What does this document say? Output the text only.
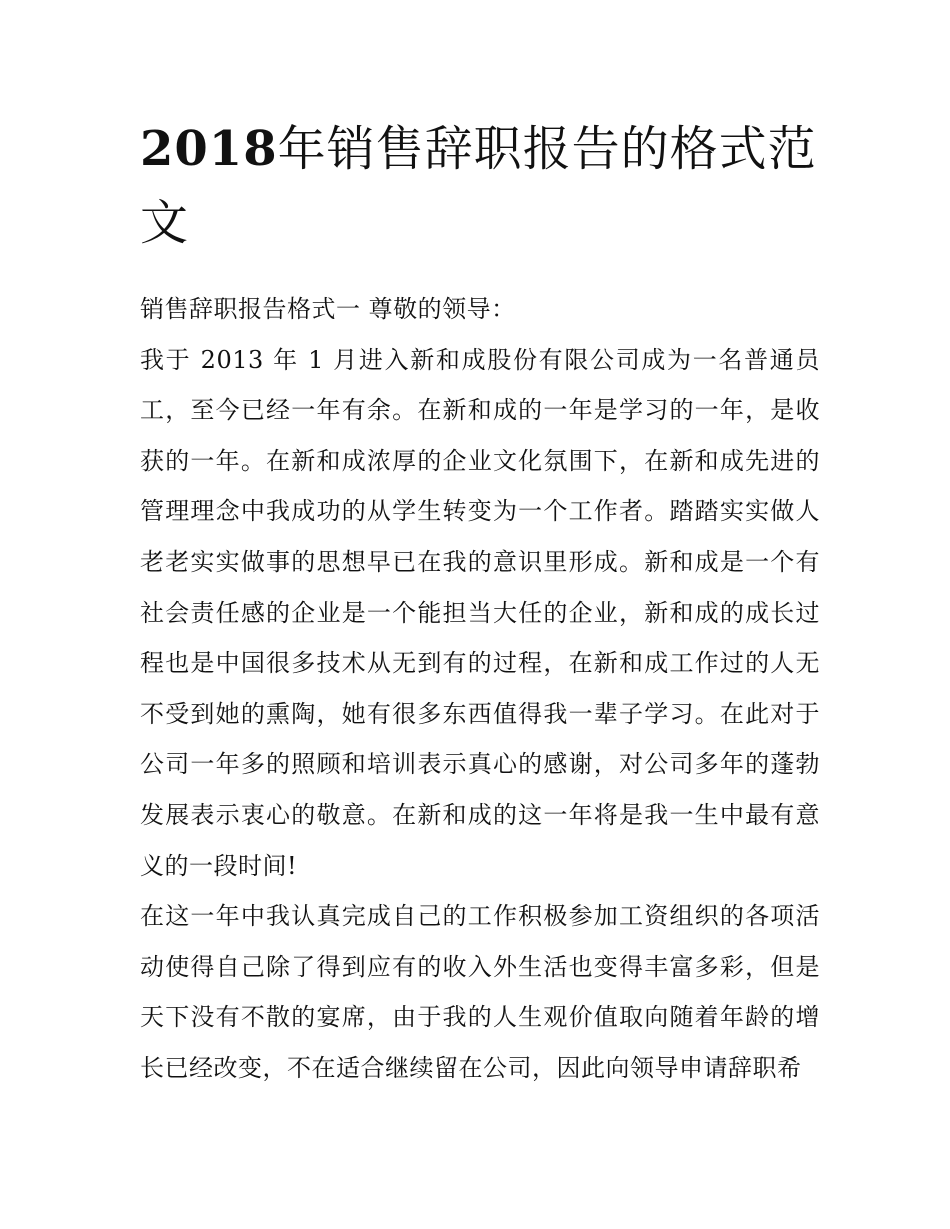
2018年销售辞职报告的格式范文

销售辞职报告格式一 尊敬的领导：

我于 2013 年 1 月进入新和成股份有限公司成为一名普通员工，至今已经一年有余。在新和成的一年是学习的一年，是收获的一年。在新和成浓厚的企业文化氛围下，在新和成先进的管理理念中我成功的从学生转变为一个工作者。踏踏实实做人老老实实做事的思想早已在我的意识里形成。新和成是一个有社会责任感的企业是一个能担当大任的企业，新和成的成长过程也是中国很多技术从无到有的过程，在新和成工作过的人无不受到她的熏陶，她有很多东西值得我一辈子学习。在此对于公司一年多的照顾和培训表示真心的感谢，对公司多年的蓬勃发展表示衷心的敬意。在新和成的这一年将是我一生中最有意义的一段时间!

在这一年中我认真完成自己的工作积极参加工资组织的各项活动使得自己除了得到应有的收入外生活也变得丰富多彩，但是天下没有不散的宴席，由于我的人生观价值取向随着年龄的增长已经改变，不在适合继续留在公司，因此向领导申请辞职希
